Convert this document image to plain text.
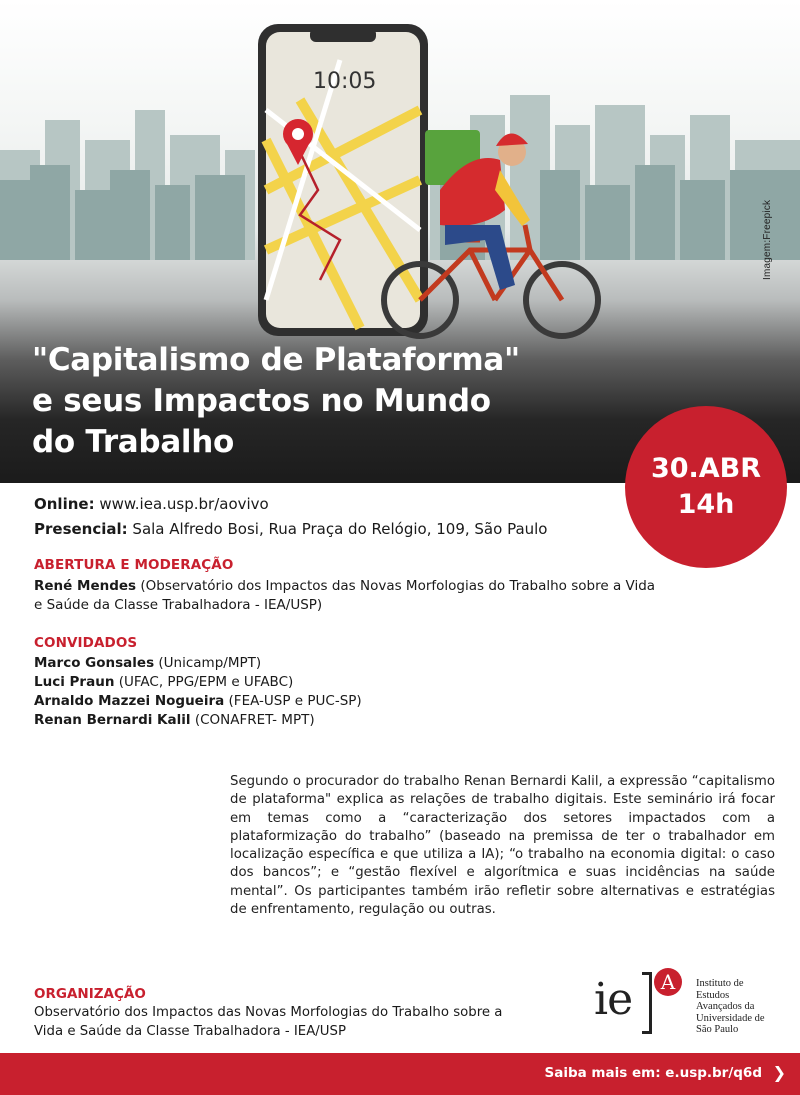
10:05
Imagem:Freepick
"Capitalismo de Plataforma"
e seus Impactos no Mundo
do Trabalho
30.ABR
14h
Online: www.iea.usp.br/aovivo
Presencial: Sala Alfredo Bosi, Rua Praça do Relógio, 109, São Paulo
ABERTURA E MODERAÇÃO
René Mendes (Observatório dos Impactos das Novas Morfologias do Trabalho sobre a Vida
e Saúde da Classe Trabalhadora - IEA/USP)
CONVIDADOS
Marco Gonsales (Unicamp/MPT)
Luci Praun (UFAC, PPG/EPM e UFABC)
Arnaldo Mazzei Nogueira (FEA-USP e PUC-SP)
Renan Bernardi Kalil (CONAFRET- MPT)
Segundo o procurador do trabalho Renan Bernardi Kalil, a expressão “capitalismo de plataforma" explica as relações de trabalho digitais. Este seminário irá focar em temas como a “caracterização dos setores impactados com a plataformização do trabalho” (baseado na premissa de ter o trabalhador em localização específica e que utiliza a IA); “o trabalho na economia digital: o caso dos bancos”; e “gestão flexível e algorítmica e suas incidências na saúde mental”. Os participantes também irão refletir sobre alternativas e estratégias de enfrentamento, regulação ou outras.
ORGANIZAÇÃO
Observatório dos Impactos das Novas Morfologias do Trabalho sobre a
Vida e Saúde da Classe Trabalhadora - IEA/USP
ie	A	Instituto de
Estudos
Avançados da
Universidade de
São Paulo
Saiba mais em: e.usp.br/q6d ❯
